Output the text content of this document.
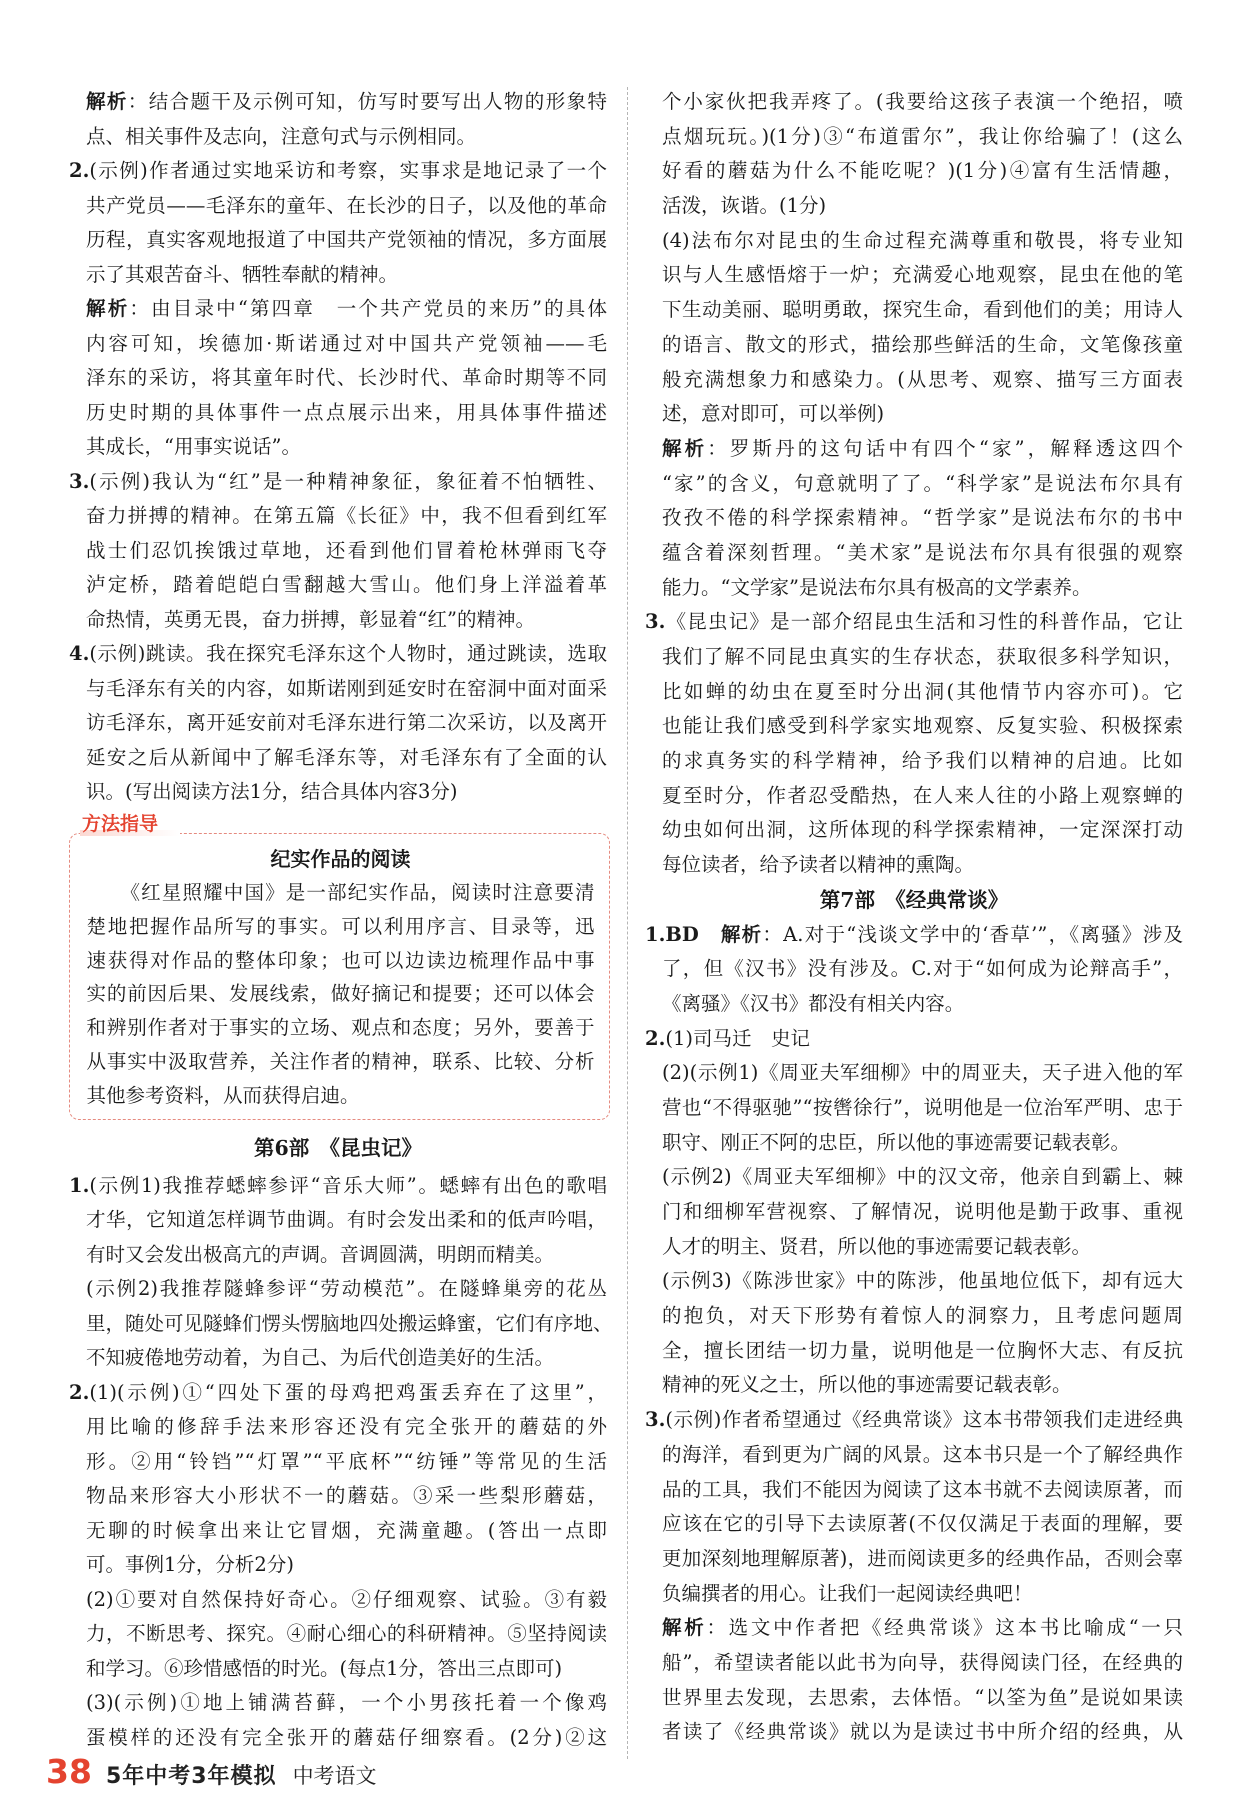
解析：结合题干及示例可知，仿写时要写出人物的形象特
点、相关事件及志向，注意句式与示例相同。
2.(示例)作者通过实地采访和考察，实事求是地记录了一个
共产党员——毛泽东的童年、在长沙的日子，以及他的革命
历程，真实客观地报道了中国共产党领袖的情况，多方面展
示了其艰苦奋斗、牺牲奉献的精神。
解析：由目录中“第四章　一个共产党员的来历”的具体
内容可知，埃德加·斯诺通过对中国共产党领袖——毛
泽东的采访，将其童年时代、长沙时代、革命时期等不同
历史时期的具体事件一点点展示出来，用具体事件描述
其成长，“用事实说话”。
3.(示例)我认为“红”是一种精神象征，象征着不怕牺牲、
奋力拼搏的精神。在第五篇《长征》中，我不但看到红军
战士们忍饥挨饿过草地，还看到他们冒着枪林弹雨飞夺
泸定桥，踏着皑皑白雪翻越大雪山。他们身上洋溢着革
命热情，英勇无畏，奋力拼搏，彰显着“红”的精神。
4.(示例)跳读。我在探究毛泽东这个人物时，通过跳读，选取
与毛泽东有关的内容，如斯诺刚到延安时在窑洞中面对面采
访毛泽东，离开延安前对毛泽东进行第二次采访，以及离开
延安之后从新闻中了解毛泽东等，对毛泽东有了全面的认
识。(写出阅读方法1分，结合具体内容3分)
方法指导
纪实作品的阅读
《红星照耀中国》是一部纪实作品，阅读时注意要清
楚地把握作品所写的事实。可以利用序言、目录等，迅
速获得对作品的整体印象；也可以边读边梳理作品中事
实的前因后果、发展线索，做好摘记和提要；还可以体会
和辨别作者对于事实的立场、观点和态度；另外，要善于
从事实中汲取营养，关注作者的精神，联系、比较、分析
其他参考资料，从而获得启迪。
第6部　《昆虫记》
1.(示例1)我推荐蟋蟀参评“音乐大师”。蟋蟀有出色的歌唱
才华，它知道怎样调节曲调。有时会发出柔和的低声吟唱，
有时又会发出极高亢的声调。音调圆满，明朗而精美。
(示例2)我推荐隧蜂参评“劳动模范”。在隧蜂巢旁的花丛
里，随处可见隧蜂们愣头愣脑地四处搬运蜂蜜，它们有序地、
不知疲倦地劳动着，为自己、为后代创造美好的生活。
2.(1)(示例)①“四处下蛋的母鸡把鸡蛋丢弃在了这里”，
用比喻的修辞手法来形容还没有完全张开的蘑菇的外
形。②用“铃铛”“灯罩”“平底杯”“纺锤”等常见的生活
物品来形容大小形状不一的蘑菇。③采一些梨形蘑菇，
无聊的时候拿出来让它冒烟，充满童趣。(答出一点即
可。事例1分，分析2分)
(2)①要对自然保持好奇心。②仔细观察、试验。③有毅
力，不断思考、探究。④耐心细心的科研精神。⑤坚持阅读
和学习。⑥珍惜感悟的时光。(每点1分，答出三点即可)
(3)(示例)①地上铺满苔藓，一个小男孩托着一个像鸡
蛋模样的还没有完全张开的蘑菇仔细察看。(2分)②这
个小家伙把我弄疼了。(我要给这孩子表演一个绝招，喷
点烟玩玩。)(1分)③“布道雷尔”，我让你给骗了！(这么
好看的蘑菇为什么不能吃呢？)(1分)④富有生活情趣，
活泼，诙谐。(1分)
(4)法布尔对昆虫的生命过程充满尊重和敬畏，将专业知
识与人生感悟熔于一炉；充满爱心地观察，昆虫在他的笔
下生动美丽、聪明勇敢，探究生命，看到他们的美；用诗人
的语言、散文的形式，描绘那些鲜活的生命，文笔像孩童
般充满想象力和感染力。(从思考、观察、描写三方面表
述，意对即可，可以举例)
解析：罗斯丹的这句话中有四个“家”，解释透这四个
“家”的含义，句意就明了了。“科学家”是说法布尔具有
孜孜不倦的科学探索精神。“哲学家”是说法布尔的书中
蕴含着深刻哲理。“美术家”是说法布尔具有很强的观察
能力。“文学家”是说法布尔具有极高的文学素养。
3.《昆虫记》是一部介绍昆虫生活和习性的科普作品，它让
我们了解不同昆虫真实的生存状态，获取很多科学知识，
比如蝉的幼虫在夏至时分出洞(其他情节内容亦可)。它
也能让我们感受到科学家实地观察、反复实验、积极探索
的求真务实的科学精神，给予我们以精神的启迪。比如
夏至时分，作者忍受酷热，在人来人往的小路上观察蝉的
幼虫如何出洞，这所体现的科学探索精神，一定深深打动
每位读者，给予读者以精神的熏陶。
第7部　《经典常谈》
1.BD　 解析：A.对于“浅谈文学中的‘香草’”，《离骚》涉及
了，但《汉书》没有涉及。C.对于“如何成为论辩高手”，
《离骚》《汉书》都没有相关内容。
2.(1)司马迁　史记
(2)(示例1)《周亚夫军细柳》中的周亚夫，天子进入他的军
营也“不得驱驰”“按辔徐行”，说明他是一位治军严明、忠于
职守、刚正不阿的忠臣，所以他的事迹需要记载表彰。
(示例2)《周亚夫军细柳》中的汉文帝，他亲自到霸上、棘
门和细柳军营视察、了解情况，说明他是勤于政事、重视
人才的明主、贤君，所以他的事迹需要记载表彰。
(示例3)《陈涉世家》中的陈涉，他虽地位低下，却有远大
的抱负，对天下形势有着惊人的洞察力，且考虑问题周
全，擅长团结一切力量，说明他是一位胸怀大志、有反抗
精神的死义之士，所以他的事迹需要记载表彰。
3.(示例)作者希望通过《经典常谈》这本书带领我们走进经典
的海洋，看到更为广阔的风景。这本书只是一个了解经典作
品的工具，我们不能因为阅读了这本书就不去阅读原著，而
应该在它的引导下去读原著(不仅仅满足于表面的理解，要
更加深刻地理解原著)，进而阅读更多的经典作品，否则会辜
负编撰者的用心。让我们一起阅读经典吧！
解析：选文中作者把《经典常谈》这本书比喻成“一只
船”，希望读者能以此书为向导，获得阅读门径，在经典的
世界里去发现，去思索，去体悟。“以筌为鱼”是说如果读
者读了《经典常谈》就以为是读过书中所介绍的经典，从
38 5年中考3年模拟 中考语文
